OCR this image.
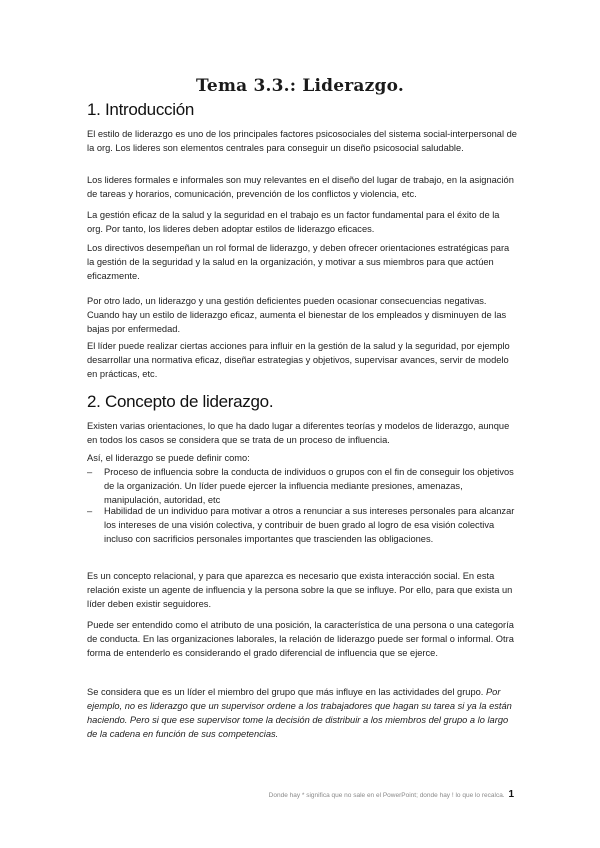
Tema 3.3.: Liderazgo.
1. Introducción
El estilo de liderazgo es uno de los principales factores psicosociales del sistema social-interpersonal de la org. Los lideres son elementos centrales para conseguir un diseño psicosocial saludable.
Los lideres formales e informales son muy relevantes en el diseño del lugar de trabajo, en la asignación de tareas y horarios, comunicación, prevención de los conflictos y violencia, etc.
La gestión eficaz de la salud y la seguridad en el trabajo es un factor fundamental para el éxito de la org. Por tanto, los lideres deben adoptar estilos de liderazgo eficaces.
Los directivos desempeñan un rol formal de liderazgo, y deben ofrecer orientaciones estratégicas para la gestión de la seguridad y la salud en la organización, y motivar a sus miembros para que actúen eficazmente.
Por otro lado, un liderazgo y una gestión deficientes pueden ocasionar consecuencias negativas. Cuando hay un estilo de liderazgo eficaz, aumenta el bienestar de los empleados y disminuyen de las bajas por enfermedad.
El líder puede realizar ciertas acciones para influir en la gestión de la salud y la seguridad, por ejemplo desarrollar una normativa eficaz, diseñar estrategias y objetivos, supervisar avances, servir de modelo en prácticas, etc.
2. Concepto de liderazgo.
Existen varias orientaciones, lo que ha dado lugar a diferentes teorías y modelos de liderazgo, aunque en todos los casos se considera que se trata de un proceso de influencia.
Así, el liderazgo se puede definir como:
– Proceso de influencia sobre la conducta de individuos o grupos con el fin de conseguir los objetivos de la organización. Un líder puede ejercer la influencia mediante presiones, amenazas, manipulación, autoridad, etc
– Habilidad de un individuo para motivar a otros a renunciar a sus intereses personales para alcanzar los intereses de una visión colectiva, y contribuir de buen grado al logro de esa visión colectiva incluso con sacrificios personales importantes que trascienden las obligaciones.
Es un concepto relacional, y para que aparezca es necesario que exista interacción social. En esta relación existe un agente de influencia y la persona sobre la que se influye. Por ello, para que exista un líder deben existir seguidores.
Puede ser entendido como el atributo de una posición, la característica de una persona o una categoría de conducta. En las organizaciones laborales, la relación de liderazgo puede ser formal o informal. Otra forma de entenderlo es considerando el grado diferencial de influencia que se ejerce.
Se considera que es un líder el miembro del grupo que más influye en las actividades del grupo. Por ejemplo, no es liderazgo que un supervisor ordene a los trabajadores que hagan su tarea si ya la están haciendo. Pero si que ese supervisor tome la decisión de distribuir a los miembros del grupo a lo largo de la cadena en función de sus competencias.
Donde hay * significa que no sale en el PowerPoint; donde hay ! lo que lo recalca. 1
